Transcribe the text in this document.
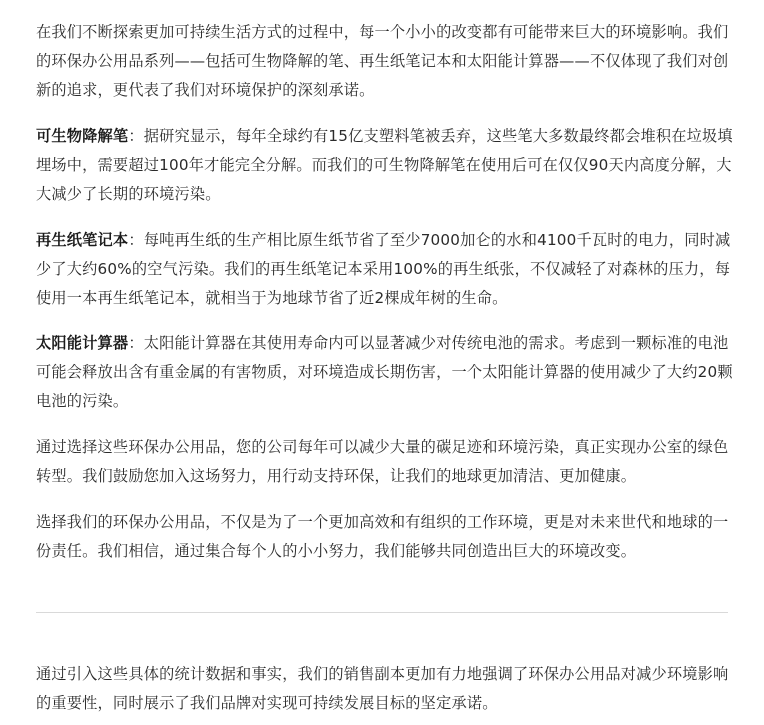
在我们不断探索更加可持续生活方式的过程中，每一个小小的改变都有可能带来巨大的环境影响。我们的环保办公用品系列——包括可生物降解的笔、再生纸笔记本和太阳能计算器——不仅体现了我们对创新的追求，更代表了我们对环境保护的深刻承诺。

可生物降解笔：据研究显示，每年全球约有15亿支塑料笔被丢弃，这些笔大多数最终都会堆积在垃圾填埋场中，需要超过100年才能完全分解。而我们的可生物降解笔在使用后可在仅仅90天内高度分解，大大减少了长期的环境污染。

再生纸笔记本：每吨再生纸的生产相比原生纸节省了至少7000加仑的水和4100千瓦时的电力，同时减少了大约60%的空气污染。我们的再生纸笔记本采用100%的再生纸张，不仅减轻了对森林的压力，每使用一本再生纸笔记本，就相当于为地球节省了近2棵成年树的生命。

太阳能计算器：太阳能计算器在其使用寿命内可以显著减少对传统电池的需求。考虑到一颗标准的电池可能会释放出含有重金属的有害物质，对环境造成长期伤害，一个太阳能计算器的使用减少了大约20颗电池的污染。

通过选择这些环保办公用品，您的公司每年可以减少大量的碳足迹和环境污染，真正实现办公室的绿色转型。我们鼓励您加入这场努力，用行动支持环保，让我们的地球更加清洁、更加健康。

选择我们的环保办公用品，不仅是为了一个更加高效和有组织的工作环境，更是对未来世代和地球的一份责任。我们相信，通过集合每个人的小小努力，我们能够共同创造出巨大的环境改变。

通过引入这些具体的统计数据和事实，我们的销售副本更加有力地强调了环保办公用品对减少环境影响的重要性，同时展示了我们品牌对实现可持续发展目标的坚定承诺。
